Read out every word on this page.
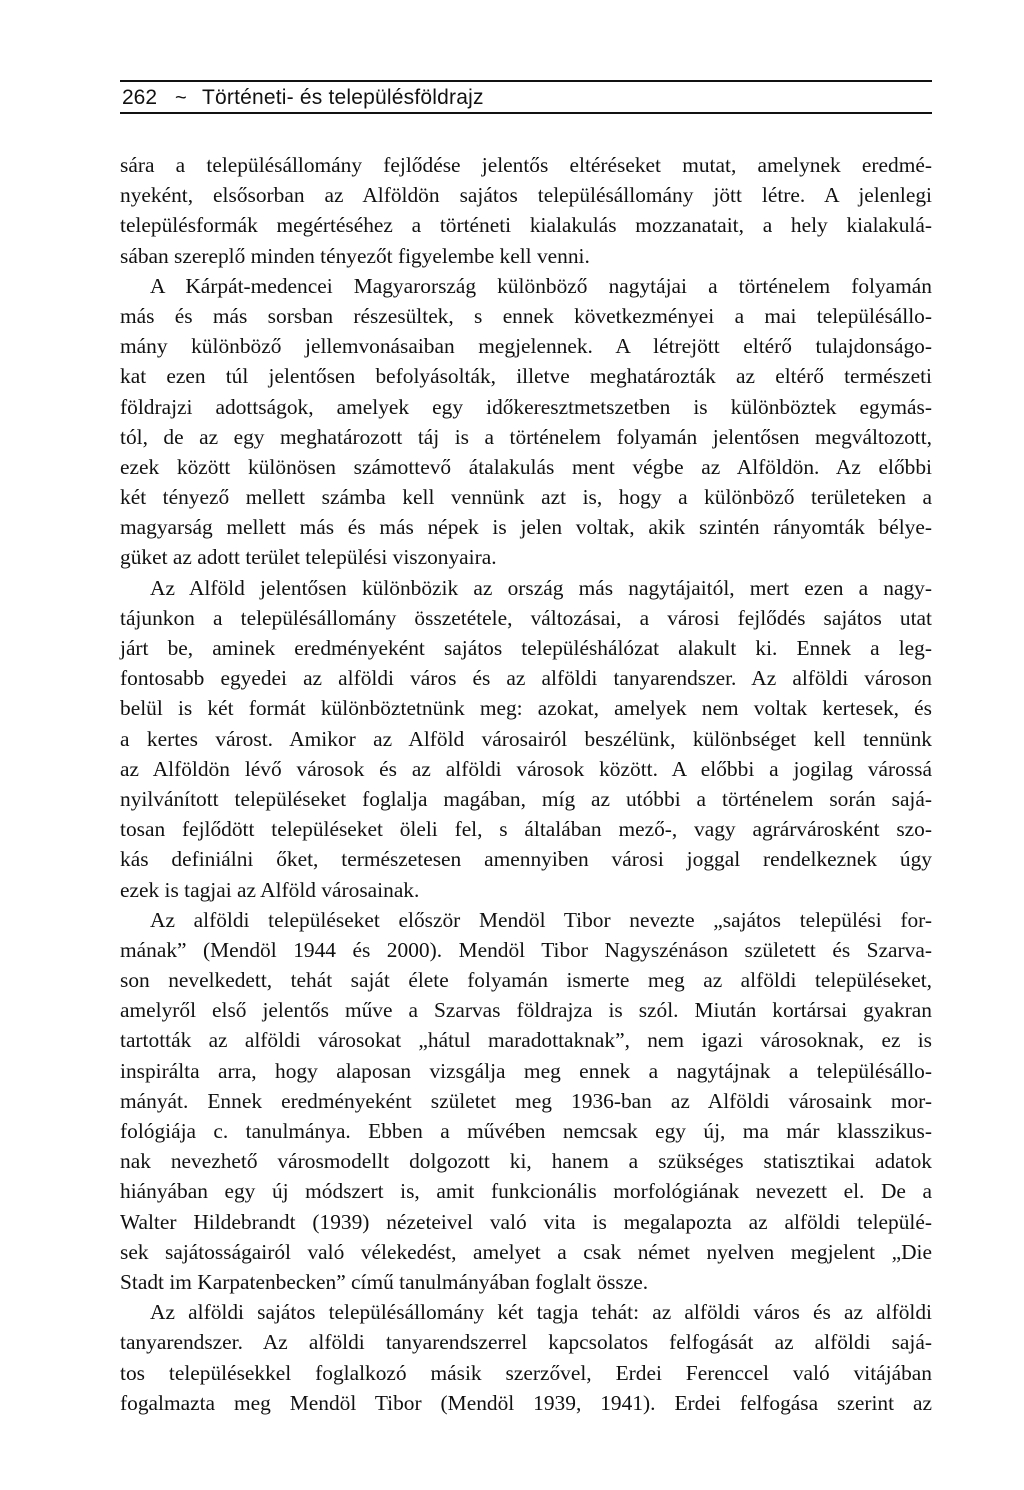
262 ~ Történeti- és településföldrajz
sára a településállomány fejlődése jelentős eltéréseket mutat, amelynek eredmé-
nyeként, elsősorban az Alföldön sajátos településállomány jött létre. A jelenlegi
településformák megértéséhez a történeti kialakulás mozzanatait, a hely kialakulá-
sában szereplő minden tényezőt figyelembe kell venni.
A Kárpát-medencei Magyarország különböző nagytájai a történelem folyamán
más és más sorsban részesültek, s ennek következményei a mai településállo-
mány különböző jellemvonásaiban megjelennek. A létrejött eltérő tulajdonságo-
kat ezen túl jelentősen befolyásolták, illetve meghatározták az eltérő természeti
földrajzi adottságok, amelyek egy időkeresztmetszetben is különböztek egymás-
tól, de az egy meghatározott táj is a történelem folyamán jelentősen megváltozott,
ezek között különösen számottevő átalakulás ment végbe az Alföldön. Az előbbi
két tényező mellett számba kell vennünk azt is, hogy a különböző területeken a
magyarság mellett más és más népek is jelen voltak, akik szintén rányomták bélye-
güket az adott terület települési viszonyaira.
Az Alföld jelentősen különbözik az ország más nagytájaitól, mert ezen a nagy-
tájunkon a településállomány összetétele, változásai, a városi fejlődés sajátos utat
járt be, aminek eredményeként sajátos településhálózat alakult ki. Ennek a leg-
fontosabb egyedei az alföldi város és az alföldi tanyarendszer. Az alföldi városon
belül is két formát különböztetnünk meg: azokat, amelyek nem voltak kertesek, és
a kertes várost. Amikor az Alföld városairól beszélünk, különbséget kell tennünk
az Alföldön lévő városok és az alföldi városok között. A előbbi a jogilag várossá
nyilvánított településeket foglalja magában, míg az utóbbi a történelem során sajá-
tosan fejlődött településeket öleli fel, s általában mező-, vagy agrárvárosként szo-
kás definiálni őket, természetesen amennyiben városi joggal rendelkeznek úgy
ezek is tagjai az Alföld városainak.
Az alföldi településeket először Mendöl Tibor nevezte „sajátos települési for-
mának” (Mendöl 1944 és 2000). Mendöl Tibor Nagyszénáson született és Szarva-
son nevelkedett, tehát saját élete folyamán ismerte meg az alföldi településeket,
amelyről első jelentős műve a Szarvas földrajza is szól. Miután kortársai gyakran
tartották az alföldi városokat „hátul maradottaknak”, nem igazi városoknak, ez is
inspirálta arra, hogy alaposan vizsgálja meg ennek a nagytájnak a településállo-
mányát. Ennek eredményeként születet meg 1936-ban az Alföldi városaink mor-
fológiája c. tanulmánya. Ebben a művében nemcsak egy új, ma már klasszikus-
nak nevezhető városmodellt dolgozott ki, hanem a szükséges statisztikai adatok
hiányában egy új módszert is, amit funkcionális morfológiának nevezett el. De a
Walter Hildebrandt (1939) nézeteivel való vita is megalapozta az alföldi települé-
sek sajátosságairól való vélekedést, amelyet a csak német nyelven megjelent „Die
Stadt im Karpatenbecken” című tanulmányában foglalt össze.
Az alföldi sajátos településállomány két tagja tehát: az alföldi város és az alföldi
tanyarendszer. Az alföldi tanyarendszerrel kapcsolatos felfogását az alföldi sajá-
tos településekkel foglalkozó másik szerzővel, Erdei Ferenccel való vitájában
fogalmazta meg Mendöl Tibor (Mendöl 1939, 1941). Erdei felfogása szerint az
